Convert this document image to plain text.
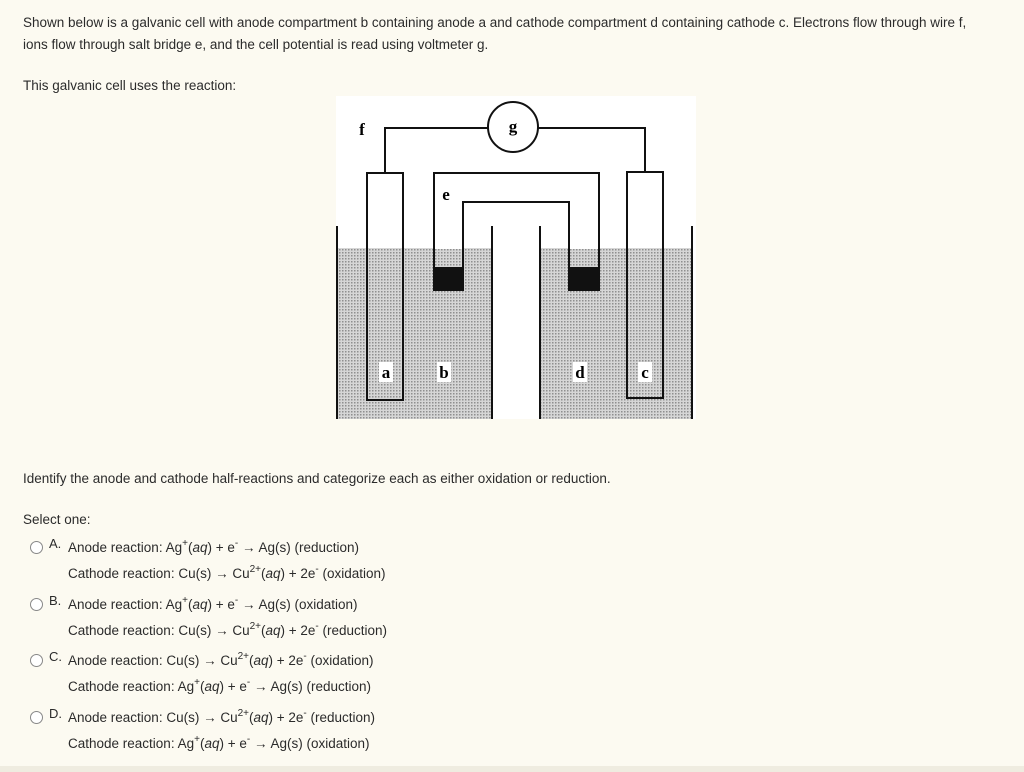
Shown below is a galvanic cell with anode compartment b containing anode a and cathode compartment d containing cathode c. Electrons flow through wire f, ions flow through salt bridge e, and the cell potential is read using voltmeter g.
This galvanic cell uses the reaction:
a	b	d	c
e
f	g
Identify the anode and cathode half-reactions and categorize each as either oxidation or reduction.
Select one:
A. Anode reaction: Ag+(aq) + e- → Ag(s) (reduction)
Cathode reaction: $Cu(s) \to Cu^{2+}(aq) + 2e^-$ (oxidation)
B. Anode reaction: Ag+(aq) + e- → Ag(s) (oxidation)
Cathode reaction: $Cu(s) \to Cu^{2+}(aq) + 2e^-$ (reduction)
C. Anode reaction: $Cu(s) \to Cu^{2+}(aq) + 2e^-$ (oxidation)
Cathode reaction: Ag+(aq) + e- → Ag(s) (reduction)
D. Anode reaction: $Cu(s) \to Cu^{2+}(aq) + 2e^-$ (reduction)
Cathode reaction: Ag+(aq) + e- → Ag(s) (oxidation)
